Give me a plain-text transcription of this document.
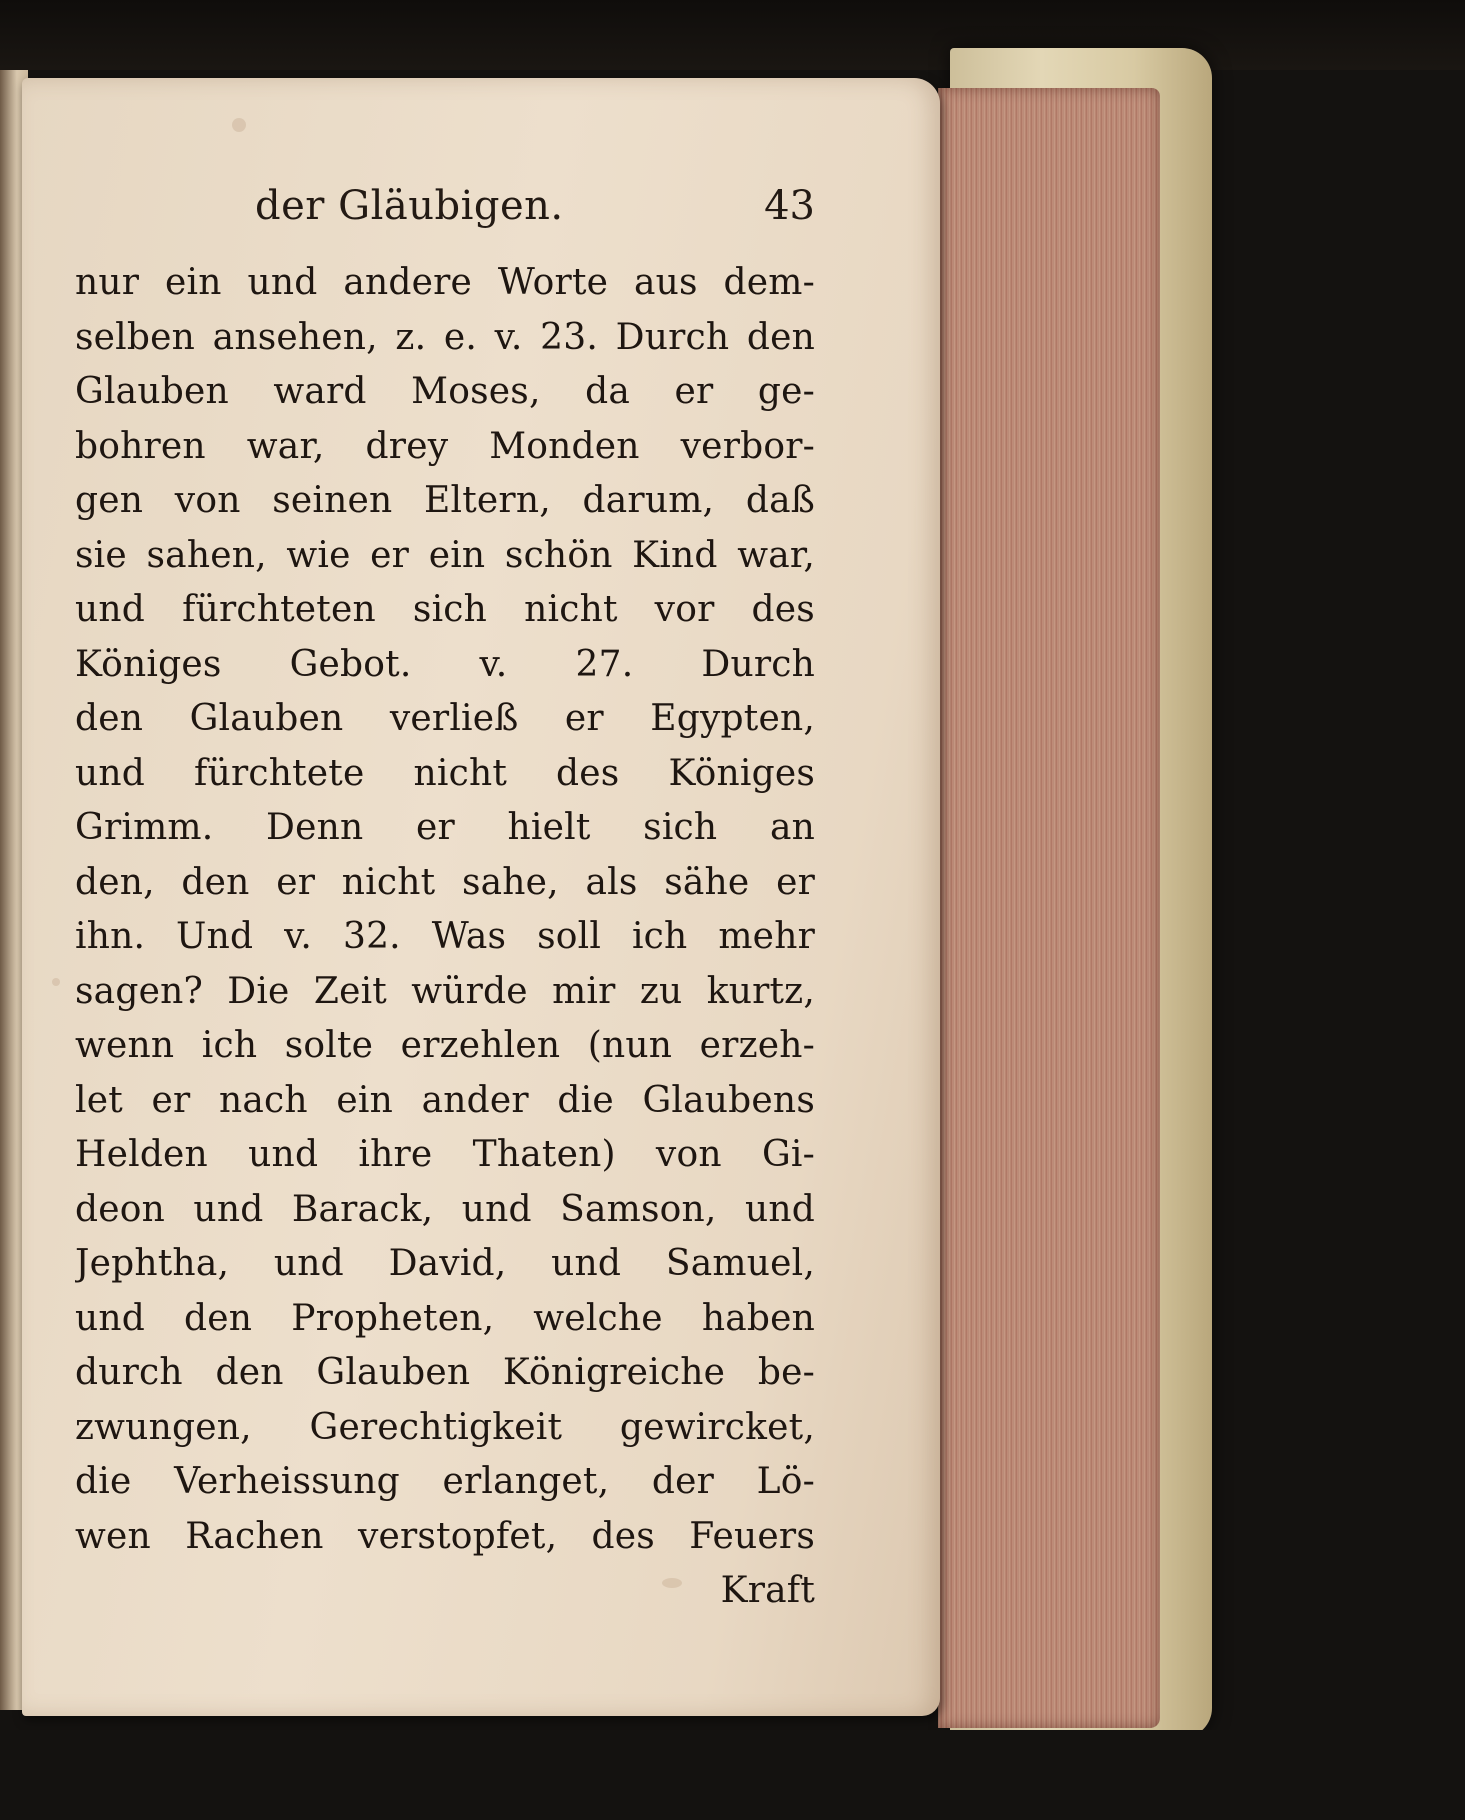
der Gläubigen.	43
nur ein und andere Worte aus dem-
selben ansehen, z. e. v. 23. Durch den
Glauben ward Moses, da er ge-
bohren war, drey Monden verbor-
gen von seinen Eltern, darum, daß
sie sahen, wie er ein schön Kind war,
und fürchteten sich nicht vor des
Königes Gebot. v. 27. Durch
den Glauben verließ er Egypten,
und fürchtete nicht des Königes
Grimm. Denn er hielt sich an
den, den er nicht sahe, als sähe er
ihn. Und v. 32. Was soll ich mehr
sagen? Die Zeit würde mir zu kurtz,
wenn ich solte erzehlen (nun erzeh-
let er nach ein ander die Glaubens
Helden und ihre Thaten) von Gi-
deon und Barack, und Samson, und
Jephtha, und David, und Samuel,
und den Propheten, welche haben
durch den Glauben Königreiche be-
zwungen, Gerechtigkeit gewircket,
die Verheissung erlanget, der Lö-
wen Rachen verstopfet, des Feuers
Kraft
